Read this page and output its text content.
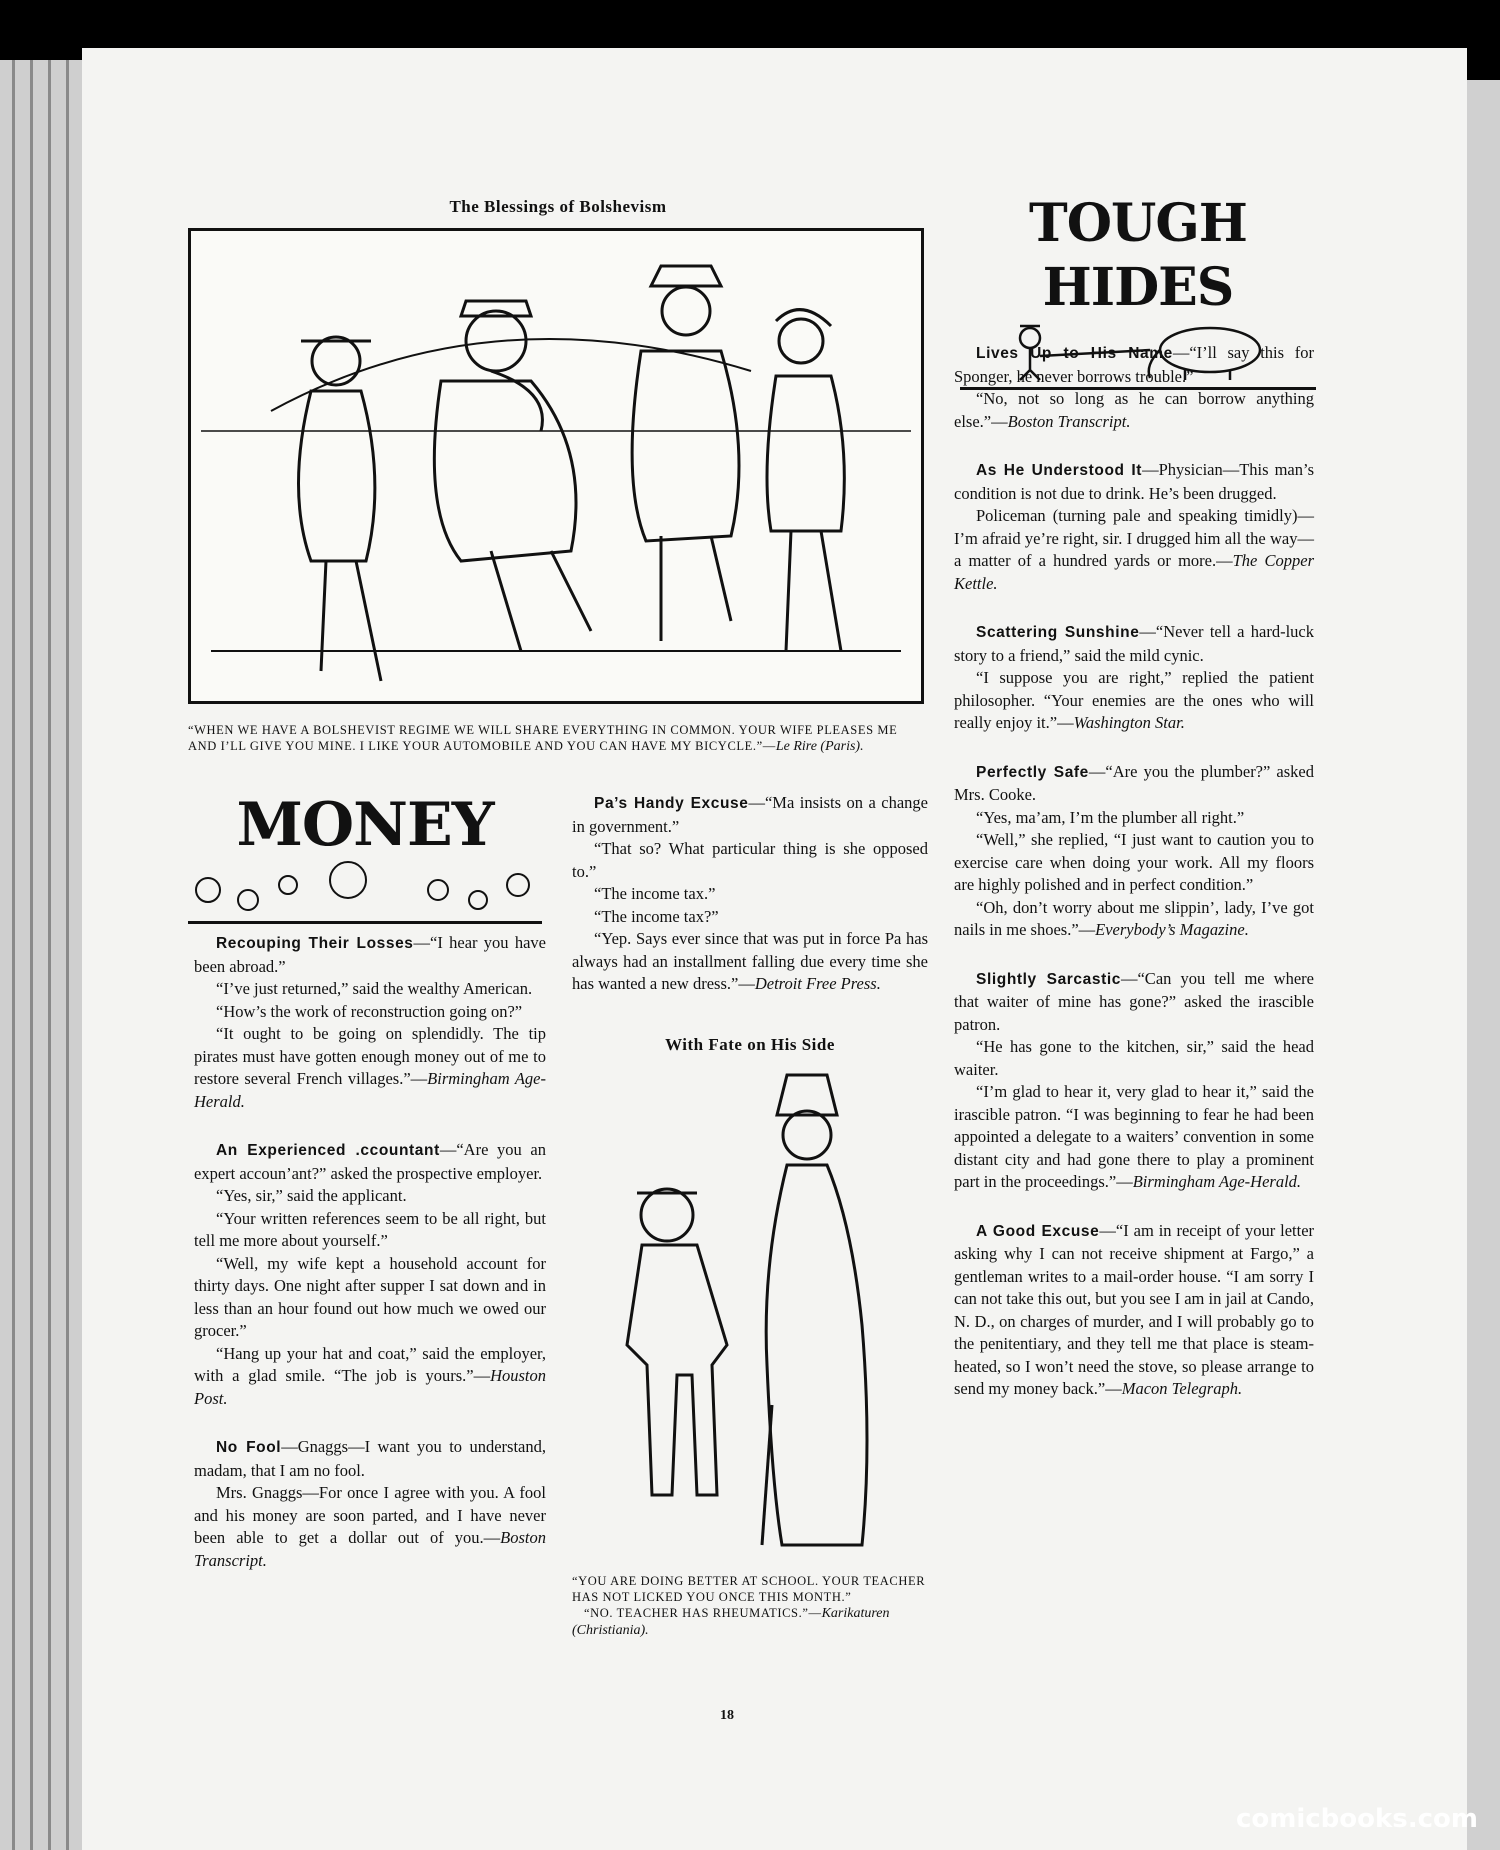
The Blessings of Bolshevism
“WHEN WE HAVE A BOLSHEVIST REGIME WE WILL SHARE EVERYTHING IN COMMON. YOUR WIFE PLEASES ME AND I’LL GIVE YOU MINE. I LIKE YOUR AUTOMOBILE AND YOU CAN HAVE MY BICYCLE.”—Le Rire (Paris).
MONEY
TOUGH HIDES

Recouping Their Losses—“I hear you have been abroad.”

“I’ve just returned,” said the wealthy American.

“How’s the work of reconstruction going on?”

“It ought to be going on splendidly. The tip pirates must have gotten enough money out of me to restore several French villages.”—Birmingham Age-Herald.

An Experienced .ccountant—“Are you an expert accoun’ant?” asked the prospective employer.

“Yes, sir,” said the applicant.

“Your written references seem to be all right, but tell me more about yourself.”

“Well, my wife kept a household account for thirty days. One night after supper I sat down and in less than an hour found out how much we owed our grocer.”

“Hang up your hat and coat,” said the employer, with a glad smile. “The job is yours.”—Houston Post.

No Fool—Gnaggs—I want you to understand, madam, that I am no fool.

Mrs. Gnaggs—For once I agree with you. A fool and his money are soon parted, and I have never been able to get a dollar out of you.—Boston Transcript.

Pa’s Handy Excuse—“Ma insists on a change in government.”

“That so? What particular thing is she opposed to.”

“The income tax.”

“The income tax?”

“Yep. Says ever since that was put in force Pa has always had an installment falling due every time she has wanted a new dress.”—Detroit Free Press.

With Fate on His Side
“YOU ARE DOING BETTER AT SCHOOL. YOUR TEACHER HAS NOT LICKED YOU ONCE THIS MONTH.”
“NO. TEACHER HAS RHEUMATICS.”—Karikaturen (Christiania).

Lives Up to His Name—“I’ll say this for Sponger, he never borrows trouble.”

“No, not so long as he can borrow anything else.”—Boston Transcript.

As He Understood It—Physician—This man’s condition is not due to drink. He’s been drugged.

Policeman (turning pale and speaking timidly)—I’m afraid ye’re right, sir. I drugged him all the way—a matter of a hundred yards or more.—The Copper Kettle.

Scattering Sunshine—“Never tell a hard-luck story to a friend,” said the mild cynic.

“I suppose you are right,” replied the patient philosopher. “Your enemies are the ones who will really enjoy it.”—Washington Star.

Perfectly Safe—“Are you the plumber?” asked Mrs. Cooke.

“Yes, ma’am, I’m the plumber all right.”

“Well,” she replied, “I just want to caution you to exercise care when doing your work. All my floors are highly polished and in perfect condition.”

“Oh, don’t worry about me slippin’, lady, I’ve got nails in me shoes.”—Everybody’s Magazine.

Slightly Sarcastic—“Can you tell me where that waiter of mine has gone?” asked the irascible patron.

“He has gone to the kitchen, sir,” said the head waiter.

“I’m glad to hear it, very glad to hear it,” said the irascible patron. “I was beginning to fear he had been appointed a delegate to a waiters’ convention in some distant city and had gone there to play a prominent part in the proceedings.”—Birmingham Age-Herald.

A Good Excuse—“I am in receipt of your letter asking why I can not receive shipment at Fargo,” a gentleman writes to a mail-order house. “I am sorry I can not take this out, but you see I am in jail at Cando, N. D., on charges of murder, and I will probably go to the penitentiary, and they tell me that place is steam-heated, so I won’t need the stove, so please arrange to send my money back.”—Macon Telegraph.

18
comicbooks.com
